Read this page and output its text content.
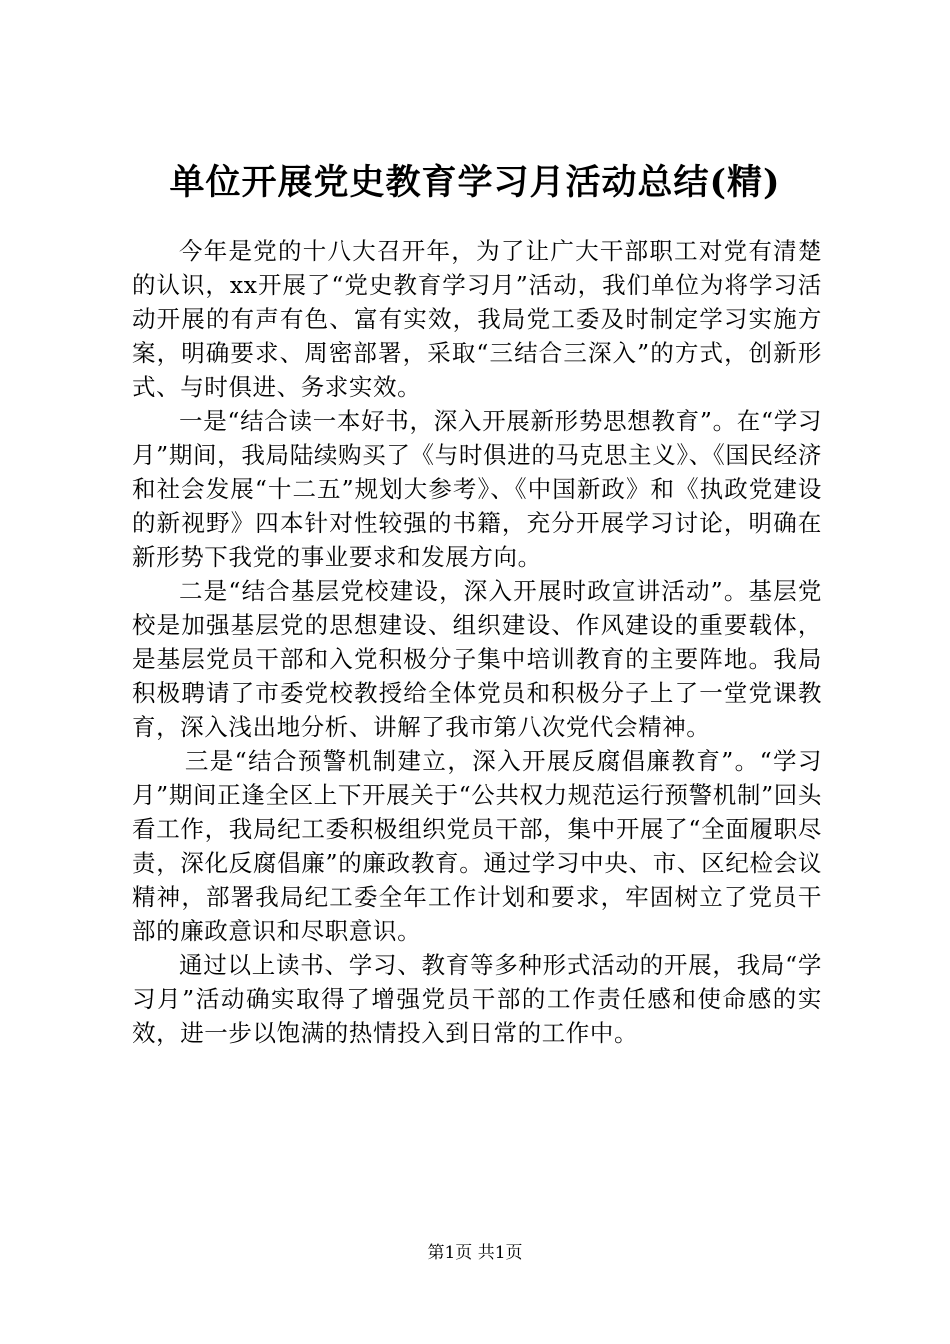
单位开展党史教育学习月活动总结(精)

今年是党的十八大召开年，为了让广大干部职工对党有清楚的认识，xx开展了“党史教育学习月”活动，我们单位为将学习活动开展的有声有色、富有实效，我局党工委及时制定学习实施方案，明确要求、周密部署，采取“三结合三深入”的方式，创新形式、与时俱进、务求实效。

一是“结合读一本好书，深入开展新形势思想教育”。在“学习月”期间，我局陆续购买了《与时俱进的马克思主义》、《国民经济和社会发展“十二五”规划大参考》、《中国新政》和《执政党建设的新视野》四本针对性较强的书籍，充分开展学习讨论，明确在新形势下我党的事业要求和发展方向。

二是“结合基层党校建设，深入开展时政宣讲活动”。基层党校是加强基层党的思想建设、组织建设、作风建设的重要载体，是基层党员干部和入党积极分子集中培训教育的主要阵地。我局积极聘请了市委党校教授给全体党员和积极分子上了一堂党课教育，深入浅出地分析、讲解了我市第八次党代会精神。

三是“结合预警机制建立，深入开展反腐倡廉教育”。“学习月”期间正逢全区上下开展关于“公共权力规范运行预警机制”回头看工作，我局纪工委积极组织党员干部，集中开展了“全面履职尽责，深化反腐倡廉”的廉政教育。通过学习中央、市、区纪检会议精神，部署我局纪工委全年工作计划和要求，牢固树立了党员干部的廉政意识和尽职意识。

通过以上读书、学习、教育等多种形式活动的开展，我局“学习月”活动确实取得了增强党员干部的工作责任感和使命感的实效，进一步以饱满的热情投入到日常的工作中。

第1页 共1页
